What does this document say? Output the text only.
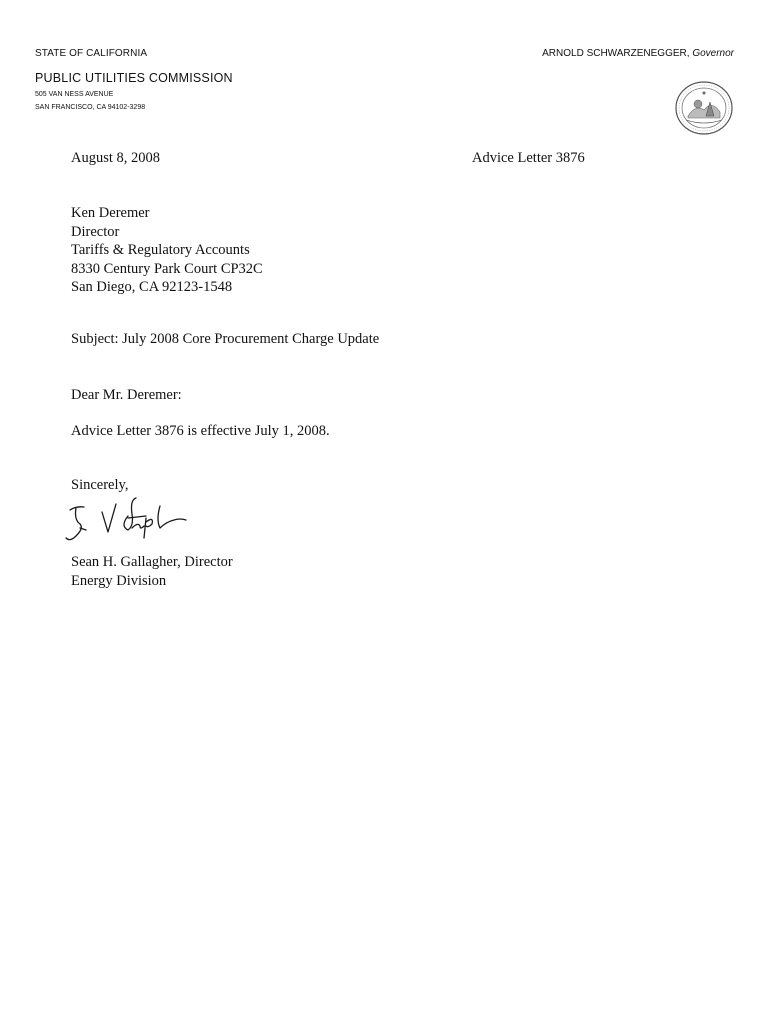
STATE OF CALIFORNIA	ARNOLD SCHWARZENEGGER, Governor
PUBLIC UTILITIES COMMISSION
505 VAN NESS AVENUE
SAN FRANCISCO, CA 94102-3298
August 8, 2008	Advice Letter 3876
Ken Deremer
Director
Tariffs & Regulatory Accounts
8330 Century Park Court CP32C
San Diego, CA 92123-1548
Subject: July 2008 Core Procurement Charge Update
Dear Mr. Deremer:
Advice Letter 3876 is effective July 1, 2008.
Sincerely,
Sean H. Gallagher, Director
Energy Division
